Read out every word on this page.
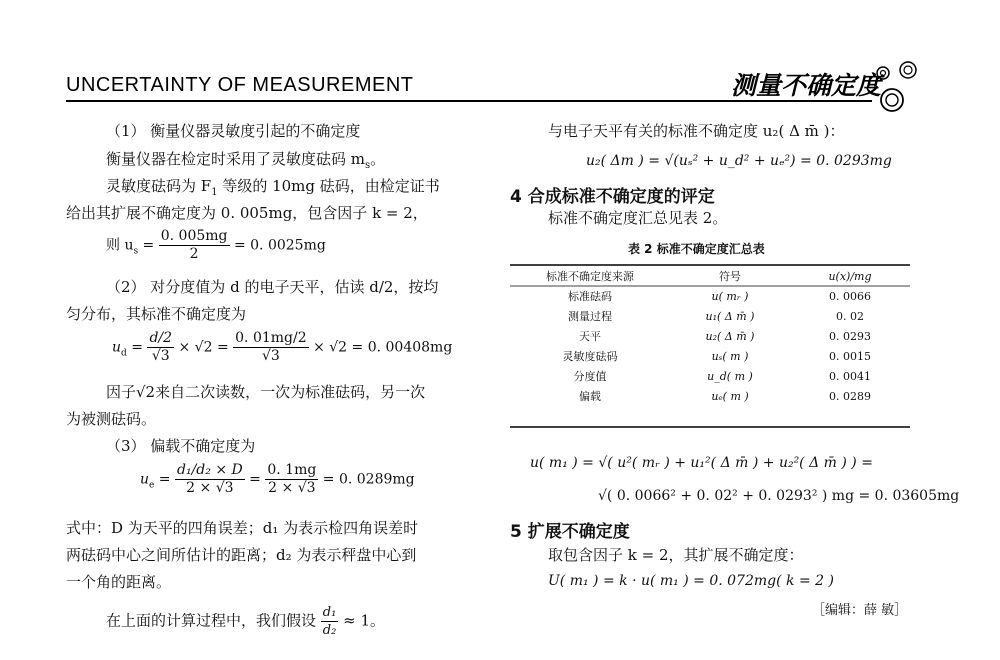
UNCERTAINTY OF MEASUREMENT	测量不确定度
（1） 衡量仪器灵敏度引起的不确定度
衡量仪器在检定时采用了灵敏度砝码 $m_s$。
灵敏度砝码为 $F_1$ 等级的 10mg 砝码，由检定证书
给出其扩展不确定度为 0. 005mg，包含因子 k = 2，
则 $u_s = \frac{0. 005mg}{2} = 0$. 0025mg
（2） 对分度值为 d 的电子天平，估读 d/2，按均
匀分布，其标准不确定度为
$u_d = \frac{d/2}{√3} \times √2 = \frac{0. 01mg/2}{√3} \times √2 = 0$. 00408mg
因子√2来自二次读数，一次为标准砝码，另一次
为被测砝码。
（3） 偏载不确定度为
$u_e = \frac{\text{d₁/d₂ × D}}{2 \times √3} = \frac{0. 1mg}{2 \times √3} = 0$. 0289mg
式中：D 为天平的四角误差；d₁ 为表示检四角误差时
两砝码中心之间所估计的距离；d₂ 为表示秤盘中心到
一个角的距离。
在上面的计算过程中，我们假设 $\frac{\text{d₁}}{\text{d₂}} \approx 1$。
与电子天平有关的标准不确定度 u₂( Δ m̄ )：
u₂( Δm ) = √(uₛ² + u_d² + uₑ²) = 0. 0293mg
4 合成标准不确定度的评定
标准不确定度汇总见表 2。
表 2 标准不确定度汇总表
标准不确定度来源	符号	u(x)/mg
标准砝码	u( mᵣ )	0. 0066
测量过程	u₁( Δ m̄ )	0. 02
天平	u₂( Δ m̄ )	0. 0293
灵敏度砝码	uₛ( m )	0. 0015
分度值	u_d( m )	0. 0041
偏载	uₑ( m )	0. 0289
u( m₁ ) = √( u²( mᵣ ) + u₁²( Δ m̄ ) + u₂²( Δ m̄ ) ) =
√( 0. 0066² + 0. 02² + 0. 0293² ) mg = 0. 03605mg
5 扩展不确定度
取包含因子 k = 2，其扩展不确定度：
U( m₁ ) = k · u( m₁ ) = 0. 072mg( k = 2 )
［编辑：薛 敏］
